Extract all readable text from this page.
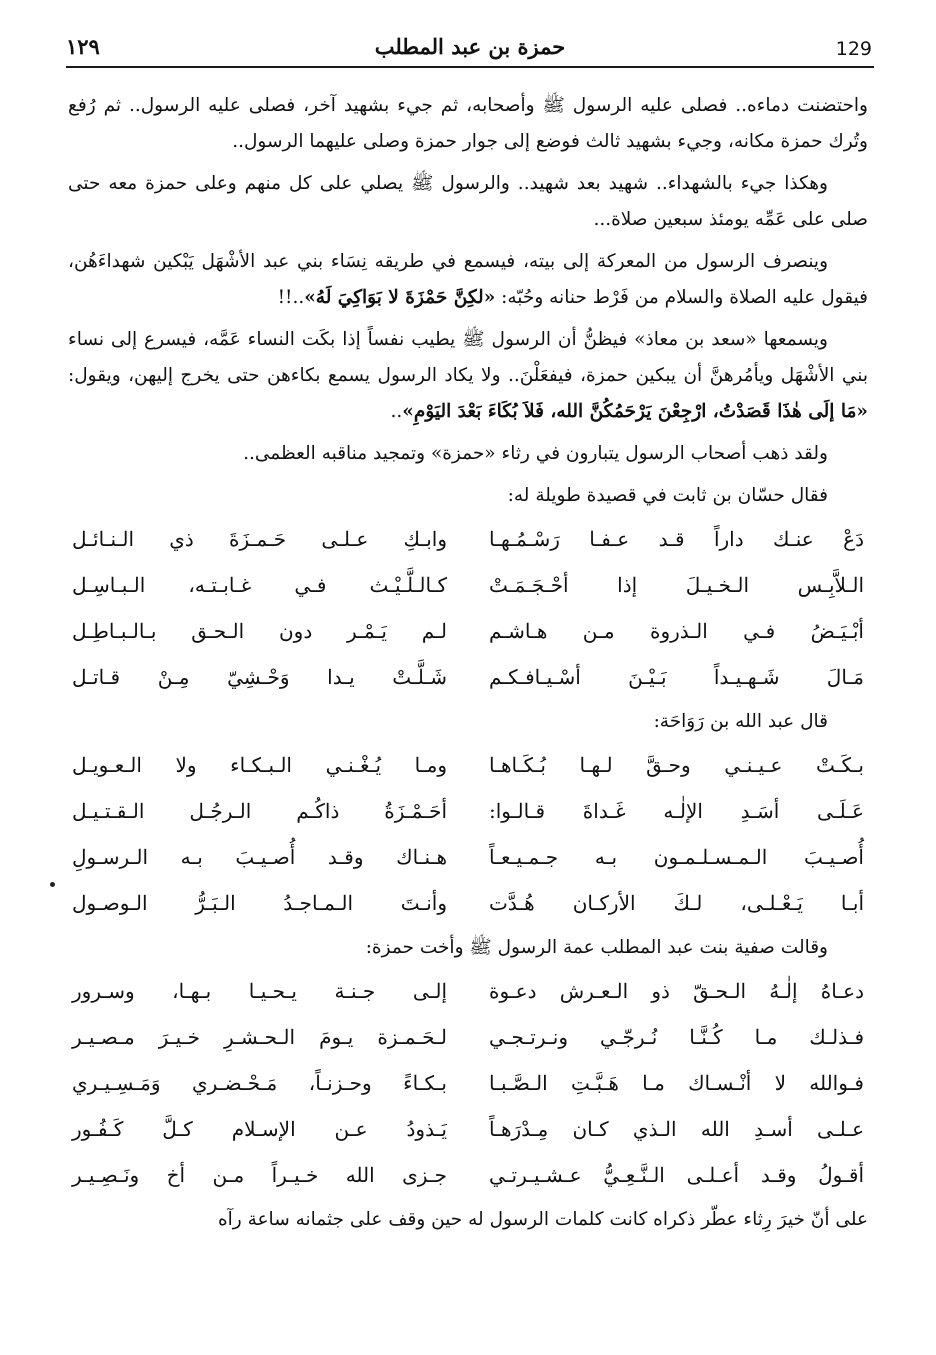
١٢٩	حمزة بن عبد المطلب	129

واحتضنت دماءه.. فصلى عليه الرسول ﷺ وأصحابه، ثم جيء بشهيد آخر، فصلى عليه الرسول.. ثم رُفع وتُرك حمزة مكانه، وجيء بشهيد ثالث فوضع إلى جوار حمزة وصلى عليهما الرسول..

وهكذا جيء بالشهداء.. شهيد بعد شهيد.. والرسول ﷺ يصلي على كل منهم وعلى حمزة معه حتى صلى على عَمِّه يومئذ سبعين صلاة...

وينصرف الرسول من المعركة إلى بيته، فيسمع في طريقه نِسَاء بني عبد الأشْهَل يَبْكين شهداءَهُن، فيقول عليه الصلاة والسلام من فَرْط حنانه وحُبّه: «لكِنَّ حَمْزَةَ لا بَوَاكِيَ لَهُ»..!!

ويسمعها «سعد بن معاذ» فيظنُّ أن الرسول ﷺ يطيب نفساً إذا بكَت النساء عَمَّه، فيسرع إلى نساء بني الأشْهَل ويأمُرهنَّ أن يبكين حمزة، فيفعَلْنَ.. ولا يكاد الرسول يسمع بكاءهن حتى يخرج إليهن، ويقول: «مَا إلَى هٰذَا قَصَدْتُ، ارْجِعْنَ يَرْحَمُكُنَّ الله، فَلاَ بُكَاءَ بَعْدَ اليَوْمِ»..

ولقد ذهب أصحاب الرسول يتبارون في رثاء «حمزة» وتمجيد مناقبه العظمى..

فقال حسّان بن ثابت في قصيدة طويلة له:

دَعْ عنـك داراً قـد عـفـا رَسْـمُـهـا
وابـكِ عـلـى حَـمـزَةَ ذي الـنـائـل
الـلاَّبِـس الـخـيـلَ إذا أحْـجَـمَـتْ
كـالـلَّـيْـث فـي غـابـتـه، الـبـاسِـل
أبْـيَـضُ فـي الـذروة مـن هـاشـم
لـم يَـمْـر دون الـحـق بـالـبـاطِـل
مَـالَ شَـهـيـداً بَـيْـنَ أسْـيـافـكـم
شَـلَّـتْ يـدا وَحْـشِيّ مِـنْ قـاتـل

قال عبد الله بن رَوَاحَة:

بـكَـتْ عـيـنـي وحـقَّ لـهـا بُـكَـاهـا
ومـا يُـغْـنـي الـبـكـاء ولا الـعـويـل
عَـلَـى أسَـدِ الإلٰـه غَـداةَ قـالـوا:
أحَـمْـزَةُ ذاكُـم الـرجُـل الـقـتـيـل
أُصـيـبَ الـمـسـلـمـون بـه جـمـيـعـاً
هـنـاك وقـد أُصـيـبَ بـه الـرسـولِ
أبـا يَـعْـلـى، لـكَ الأركـان هُـدَّت
وأنـتَ الـمـاجـدُ الـبَـرُّ الـوصـول

وقالت صفية بنت عبد المطلب عمة الرسول ﷺ وأخت حمزة:

دعـاهُ إلٰـهُ الـحـقّ ذو الـعـرش دعـوة
إلـى جـنـة يـحـيـا بـهـا، وسـرور
فـذلـك مـا كُـنَّـا نُـرجّـي ونـرتـجـي
لـحَـمـزة يـومَ الـحـشـرِ خـيـرَ مـصـيـر
فـوالله لا أنْـسـاك مـا هَـبَّـتِ الـصَّـبـا
بـكـاءً وحـزنـاً، مَـحْـضـري وَمَـسِـيـري
عـلـى أسـدِ الله الـذي كـان مِـدْرَهـاً
يَـذودُ عـن الإسـلام كـلَّ كَـفُـور
أقـولُ وقـد أعـلـى الـنَّـعِـيُّ عـشـيـرتـي
جـزى الله خـيـراً مـن أخ ونَـصِـيـر

على أنّ خيرَ رِثاء عطّر ذكراه كانت كلمات الرسول له حين وقف على جثمانه ساعة رآه
